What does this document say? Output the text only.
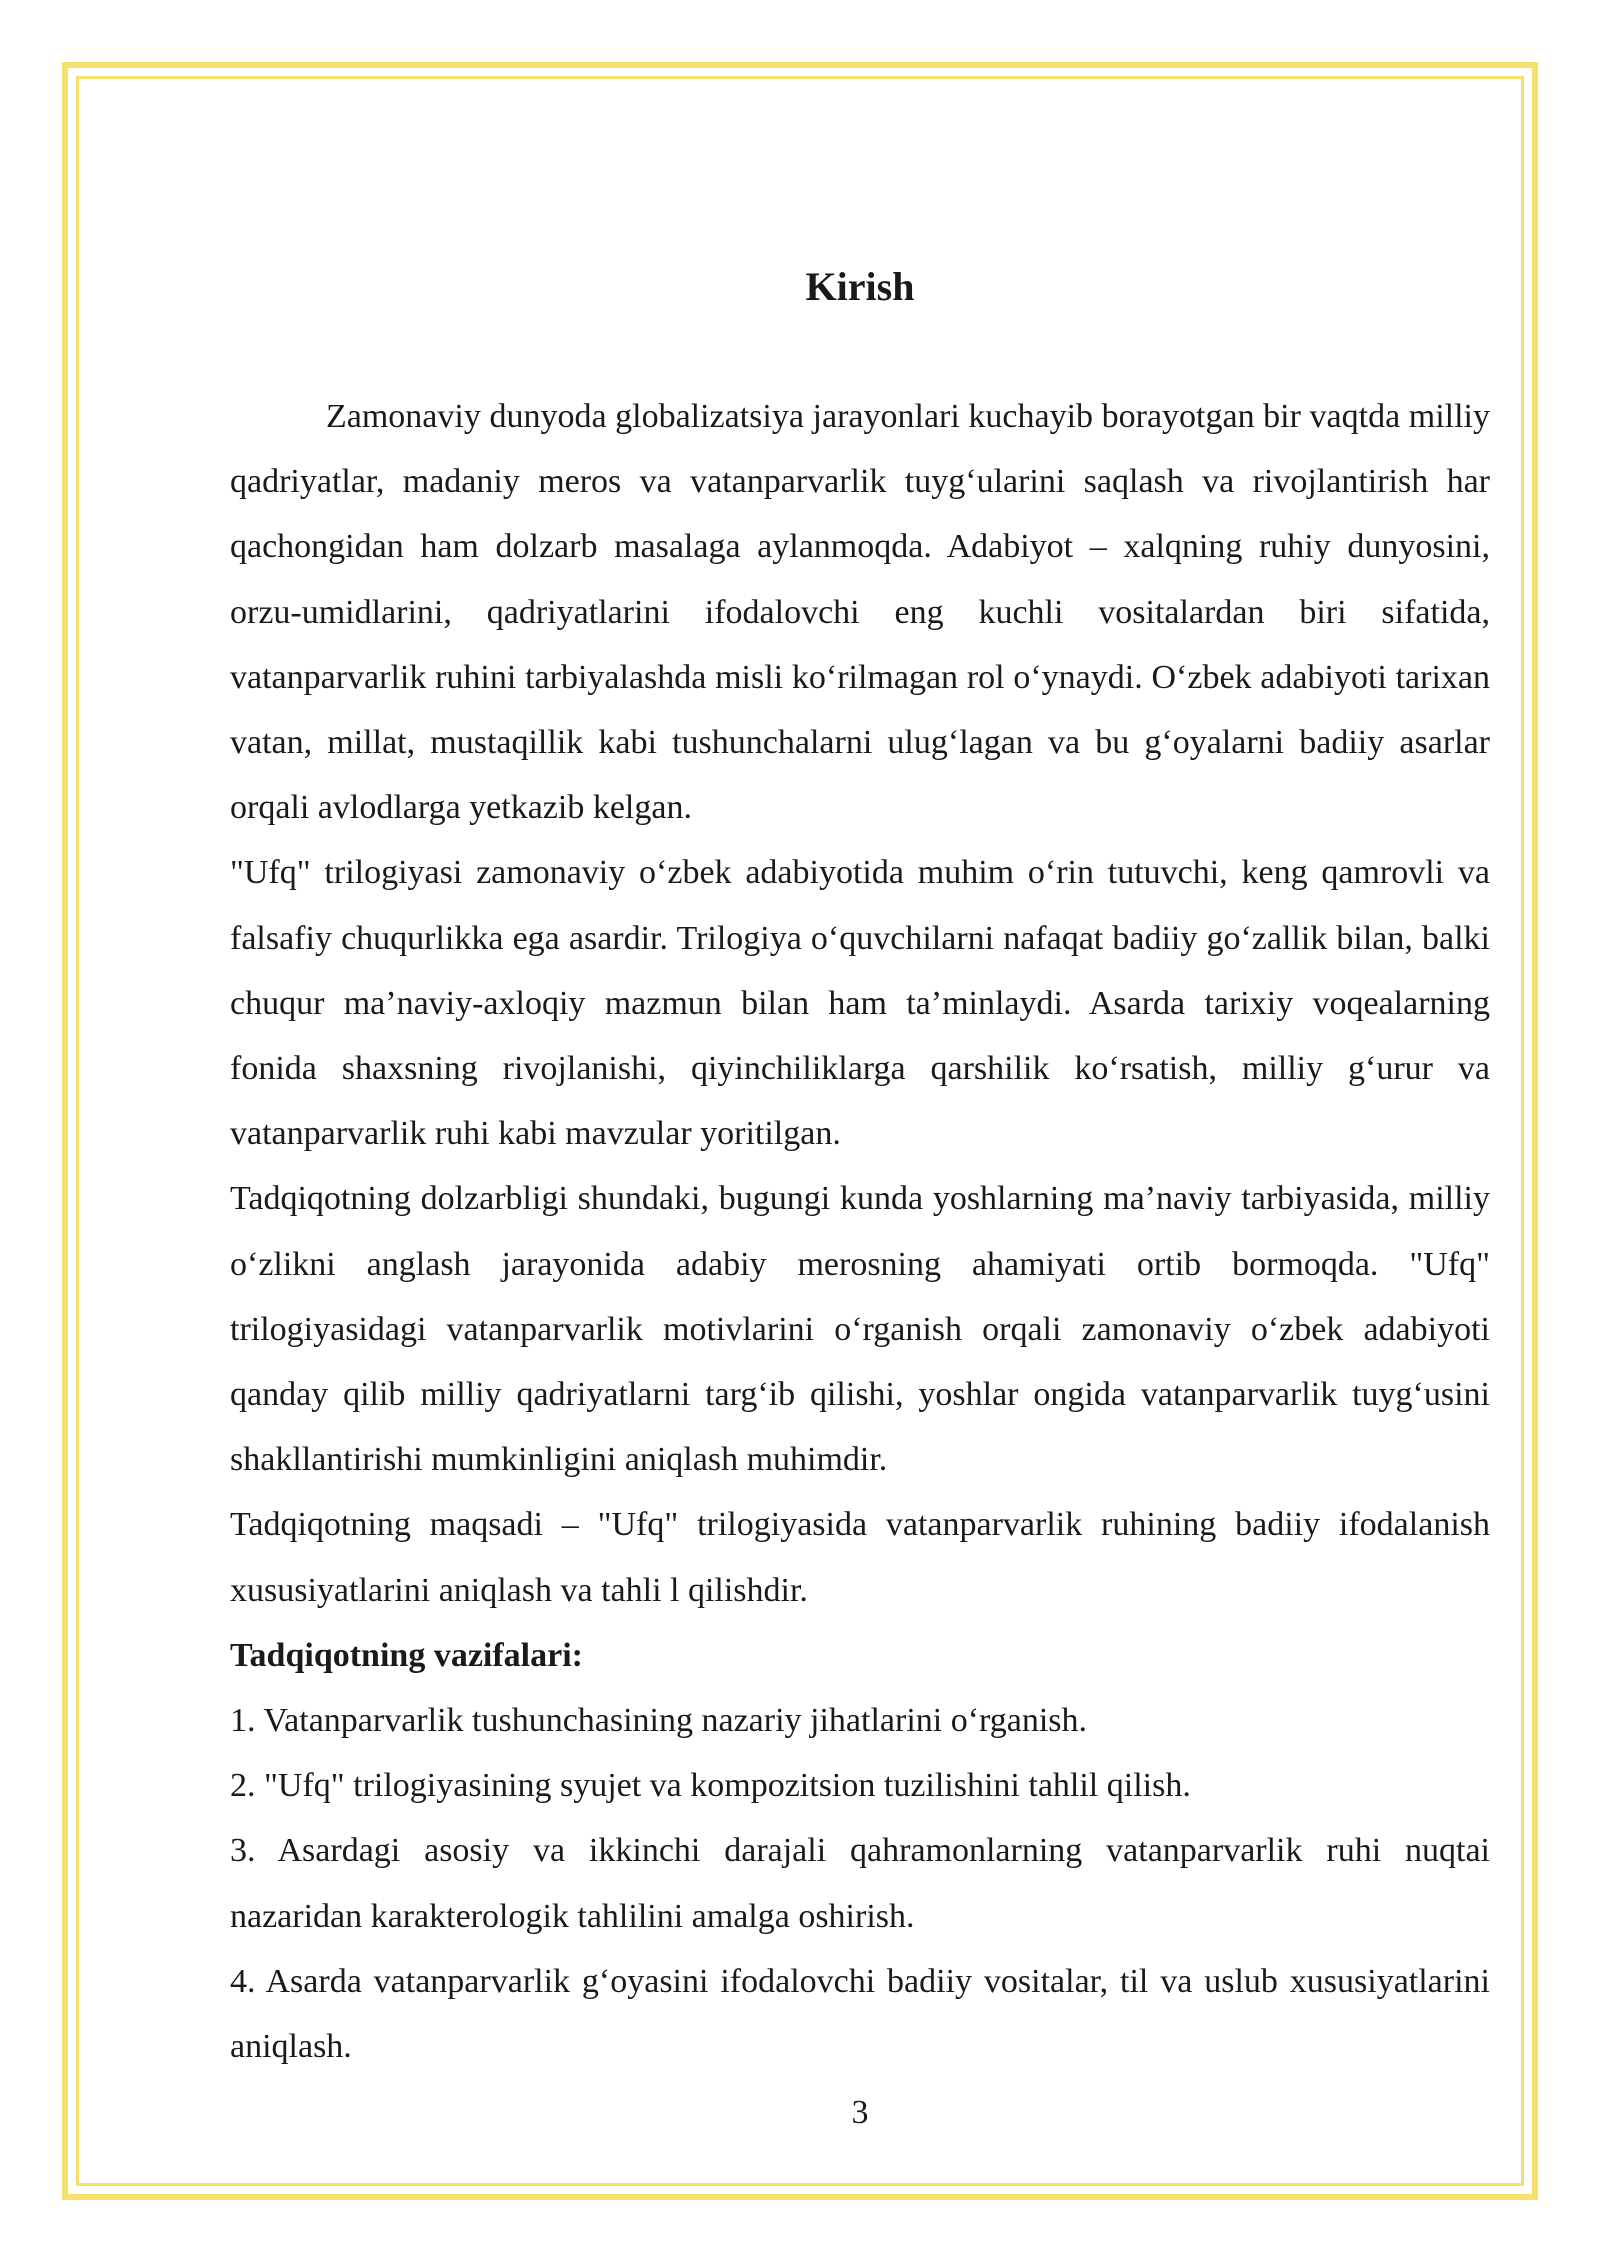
Kirish

Zamonaviy dunyoda globalizatsiya jarayonlari kuchayib borayotgan bir vaqtda milliy qadriyatlar, madaniy meros va vatanparvarlik tuyg‘ularini saqlash va rivojlantirish har qachongidan ham dolzarb masalaga aylanmoqda. Adabiyot – xalqning ruhiy dunyosini, orzu-umidlarini, qadriyatlarini ifodalovchi eng kuchli vositalardan biri sifatida, vatanparvarlik ruhini tarbiyalashda misli ko‘rilmagan rol o‘ynaydi. O‘zbek adabiyoti tarixan vatan, millat, mustaqillik kabi tushunchalarni ulug‘lagan va bu g‘oyalarni badiiy asarlar orqali avlodlarga yetkazib kelgan.

"Ufq" trilogiyasi zamonaviy o‘zbek adabiyotida muhim o‘rin tutuvchi, keng qamrovli va falsafiy chuqurlikka ega asardir. Trilogiya o‘quvchilarni nafaqat badiiy go‘zallik bilan, balki chuqur ma’naviy-axloqiy mazmun bilan ham ta’minlaydi. Asarda tarixiy voqealarning fonida shaxsning rivojlanishi, qiyinchiliklarga qarshilik ko‘rsatish, milliy g‘urur va vatanparvarlik ruhi kabi mavzular yoritilgan.

Tadqiqotning dolzarbligi shundaki, bugungi kunda yoshlarning ma’naviy tarbiyasida, milliy o‘zlikni anglash jarayonida adabiy merosning ahamiyati ortib bormoqda. "Ufq" trilogiyasidagi vatanparvarlik motivlarini o‘rganish orqali zamonaviy o‘zbek adabiyoti qanday qilib milliy qadriyatlarni targ‘ib qilishi, yoshlar ongida vatanparvarlik tuyg‘usini shakllantirishi mumkinligini aniqlash muhimdir.

Tadqiqotning maqsadi – "Ufq" trilogiyasida vatanparvarlik ruhining badiiy ifodalanish xususiyatlarini aniqlash va tahli l qilishdir.

Tadqiqotning vazifalari:

1. Vatanparvarlik tushunchasining nazariy jihatlarini o‘rganish.

2. "Ufq" trilogiyasining syujet va kompozitsion tuzilishini tahlil qilish.

3. Asardagi asosiy va ikkinchi darajali qahramonlarning vatanparvarlik ruhi nuqtai nazaridan karakterologik tahlilini amalga oshirish.

4. Asarda vatanparvarlik g‘oyasini ifodalovchi badiiy vositalar, til va uslub xususiyatlarini aniqlash.

3
